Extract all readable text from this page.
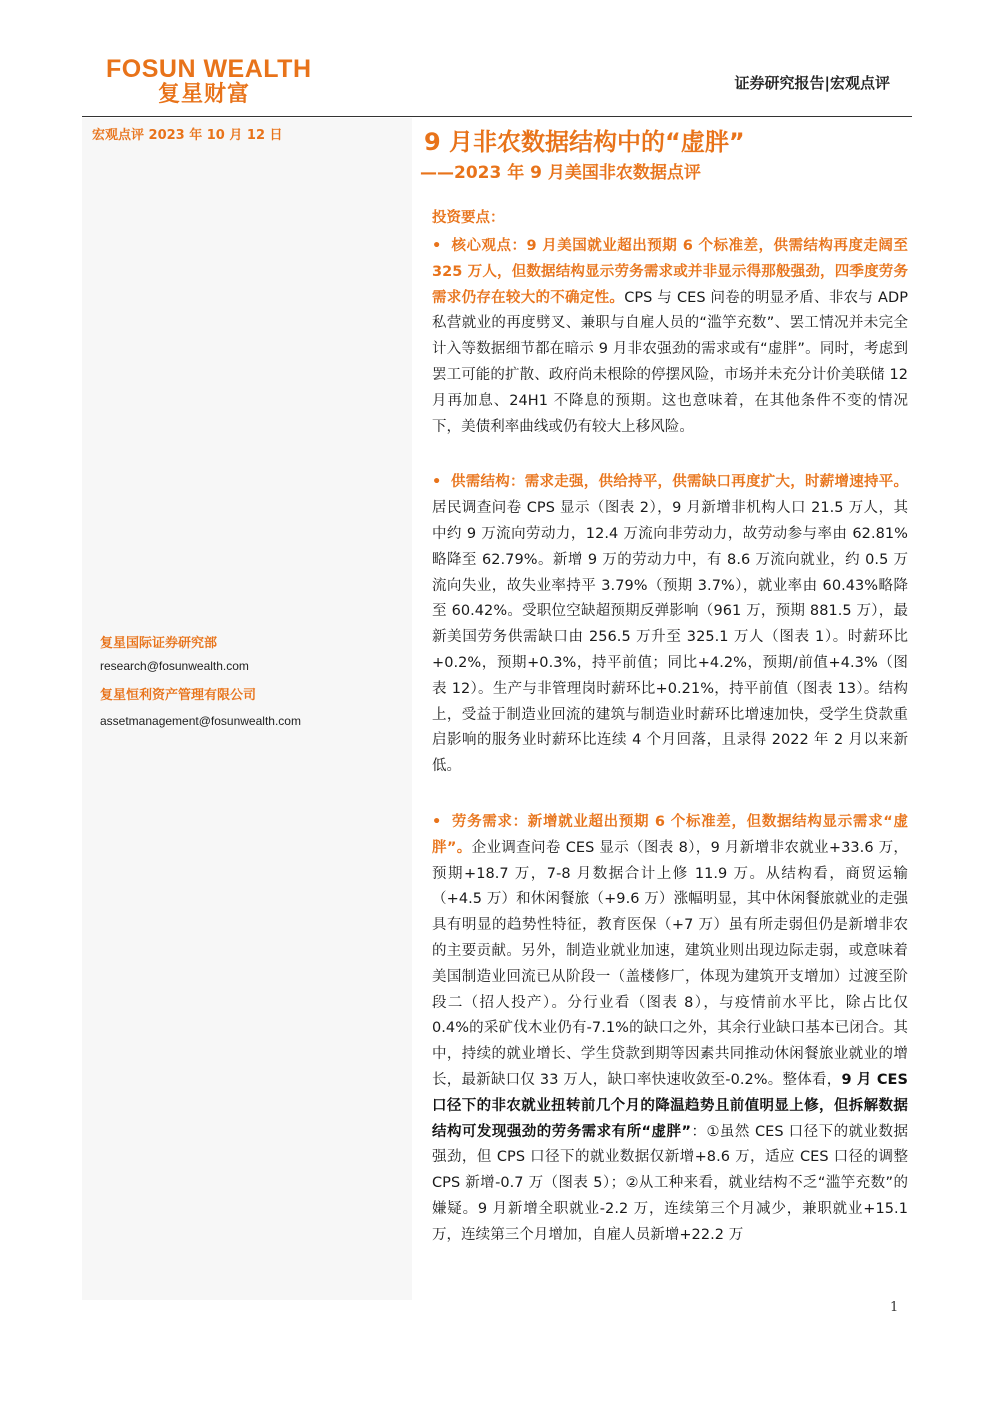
FOSUN WEALTH
复星财富	证券研究报告|宏观点评
宏观点评 2023 年 10 月 12 日
复星国际证券研究部
research@fosunwealth.com
复星恒利资产管理有限公司
assetmanagement@fosunwealth.com
9 月非农数据结构中的“虚胖”
——2023 年 9 月美国非农数据点评
投资要点：
• 核心观点：9 月美国就业超出预期 6 个标准差，供需结构再度走阔至 325 万人，但数据结构显示劳务需求或并非显示得那般强劲，四季度劳务需求仍存在较大的不确定性。CPS 与 CES 问卷的明显矛盾、非农与 ADP 私营就业的再度劈叉、兼职与自雇人员的“滥竽充数”、罢工情况并未完全计入等数据细节都在暗示 9 月非农强劲的需求或有“虚胖”。同时，考虑到罢工可能的扩散、政府尚未根除的停摆风险，市场并未充分计价美联储 12 月再加息、24H1 不降息的预期。这也意味着，在其他条件不变的情况下，美债利率曲线或仍有较大上移风险。
• 供需结构：需求走强，供给持平，供需缺口再度扩大，时薪增速持平。居民调查问卷 CPS 显示（图表 2），9 月新增非机构人口 21.5 万人，其中约 9 万流向劳动力，12.4 万流向非劳动力，故劳动参与率由 62.81%略降至 62.79%。新增 9 万的劳动力中，有 8.6 万流向就业，约 0.5 万流向失业，故失业率持平 3.79%（预期 3.7%），就业率由 60.43%略降至 60.42%。受职位空缺超预期反弹影响（961 万，预期 881.5 万），最新美国劳务供需缺口由 256.5 万升至 325.1 万人（图表 1）。时薪环比+0.2%，预期+0.3%，持平前值；同比+4.2%，预期/前值+4.3%（图表 12）。生产与非管理岗时薪环比+0.21%，持平前值（图表 13）。结构上，受益于制造业回流的建筑与制造业时薪环比增速加快，受学生贷款重启影响的服务业时薪环比连续 4 个月回落，且录得 2022 年 2 月以来新低。
• 劳务需求：新增就业超出预期 6 个标准差，但数据结构显示需求“虚胖”。企业调查问卷 CES 显示（图表 8），9 月新增非农就业+33.6 万，预期+18.7 万，7-8 月数据合计上修 11.9 万。从结构看，商贸运输（+4.5 万）和休闲餐旅（+9.6 万）涨幅明显，其中休闲餐旅就业的走强具有明显的趋势性特征，教育医保（+7 万）虽有所走弱但仍是新增非农的主要贡献。另外，制造业就业加速，建筑业则出现边际走弱，或意味着美国制造业回流已从阶段一（盖楼修厂，体现为建筑开支增加）过渡至阶段二（招人投产）。分行业看（图表 8），与疫情前水平比，除占比仅 0.4%的采矿伐木业仍有-7.1%的缺口之外，其余行业缺口基本已闭合。其中，持续的就业增长、学生贷款到期等因素共同推动休闲餐旅业就业的增长，最新缺口仅 33 万人，缺口率快速收敛至-0.2%。整体看，9 月 CES 口径下的非农就业扭转前几个月的降温趋势且前值明显上修，但拆解数据结构可发现强劲的劳务需求有所“虚胖”：①虽然 CES 口径下的就业数据强劲，但 CPS 口径下的就业数据仅新增+8.6 万，适应 CES 口径的调整 CPS 新增-0.7 万（图表 5）；②从工种来看，就业结构不乏“滥竽充数”的嫌疑。9 月新增全职就业-2.2 万，连续第三个月减少，兼职就业+15.1 万，连续第三个月增加，自雇人员新增+22.2 万
1
